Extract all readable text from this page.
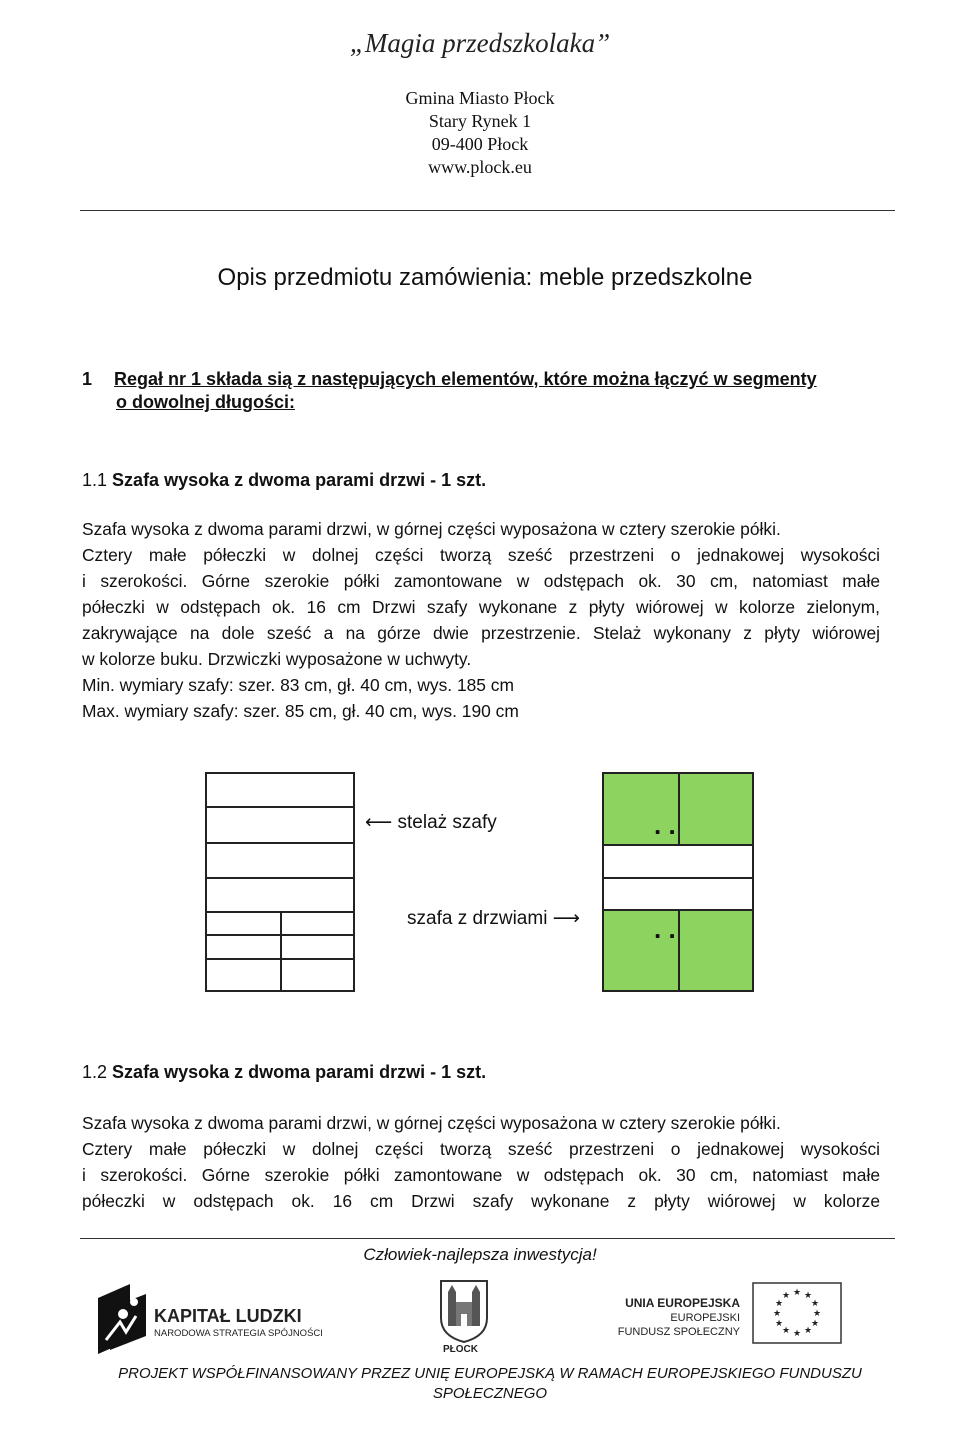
„Magia przedszkolaka”
Gmina Miasto Płock
Stary Rynek 1
09-400 Płock
www.plock.eu
Opis przedmiotu zamówienia: meble przedszkolne
1 Regał nr 1 składa sią z następujących elementów, które można łączyć w segmenty
o dowolnej długości:
1.1 Szafa wysoka z dwoma parami drzwi - 1 szt.
Szafa wysoka z dwoma parami drzwi, w górnej części wyposażona w cztery szerokie półki.
Cztery małe półeczki w dolnej części tworzą sześć przestrzeni o jednakowej wysokości
i szerokości. Górne szerokie półki zamontowane w odstępach ok. 30 cm, natomiast małe
półeczki w odstępach ok. 16 cm Drzwi szafy wykonane z płyty wiórowej w kolorze zielonym,
zakrywające na dole sześć a na górze dwie przestrzenie. Stelaż wykonany z płyty wiórowej
w kolorze buku. Drzwiczki wyposażone w uchwyty.
Min. wymiary szafy: szer. 83 cm, gł. 40 cm, wys. 185 cm
Max. wymiary szafy: szer. 85 cm, gł. 40 cm, wys. 190 cm
⟵ stelaż szafy
szafa z drzwiami ⟶
. .
. .
1.2 Szafa wysoka z dwoma parami drzwi - 1 szt.
Szafa wysoka z dwoma parami drzwi, w górnej części wyposażona w cztery szerokie półki.
Cztery małe półeczki w dolnej części tworzą sześć przestrzeni o jednakowej wysokości
i szerokości. Górne szerokie półki zamontowane w odstępach ok. 30 cm, natomiast małe
półeczki w odstępach ok. 16 cm Drzwi szafy wykonane z płyty wiórowej w kolorze
Człowiek-najlepsza inwestycja!
KAPITAŁ LUDZKI
NARODOWA STRATEGIA SPÓJNOŚCI
PŁOCK
UNIA EUROPEJSKA
EUROPEJSKI
FUNDUSZ SPOŁECZNY
★ ★
★
★
★
★
★
★
★
★
★
★
PROJEKT WSPÓŁFINANSOWANY PRZEZ UNIĘ EUROPEJSKĄ W RAMACH EUROPEJSKIEGO FUNDUSZU
SPOŁECZNEGO
